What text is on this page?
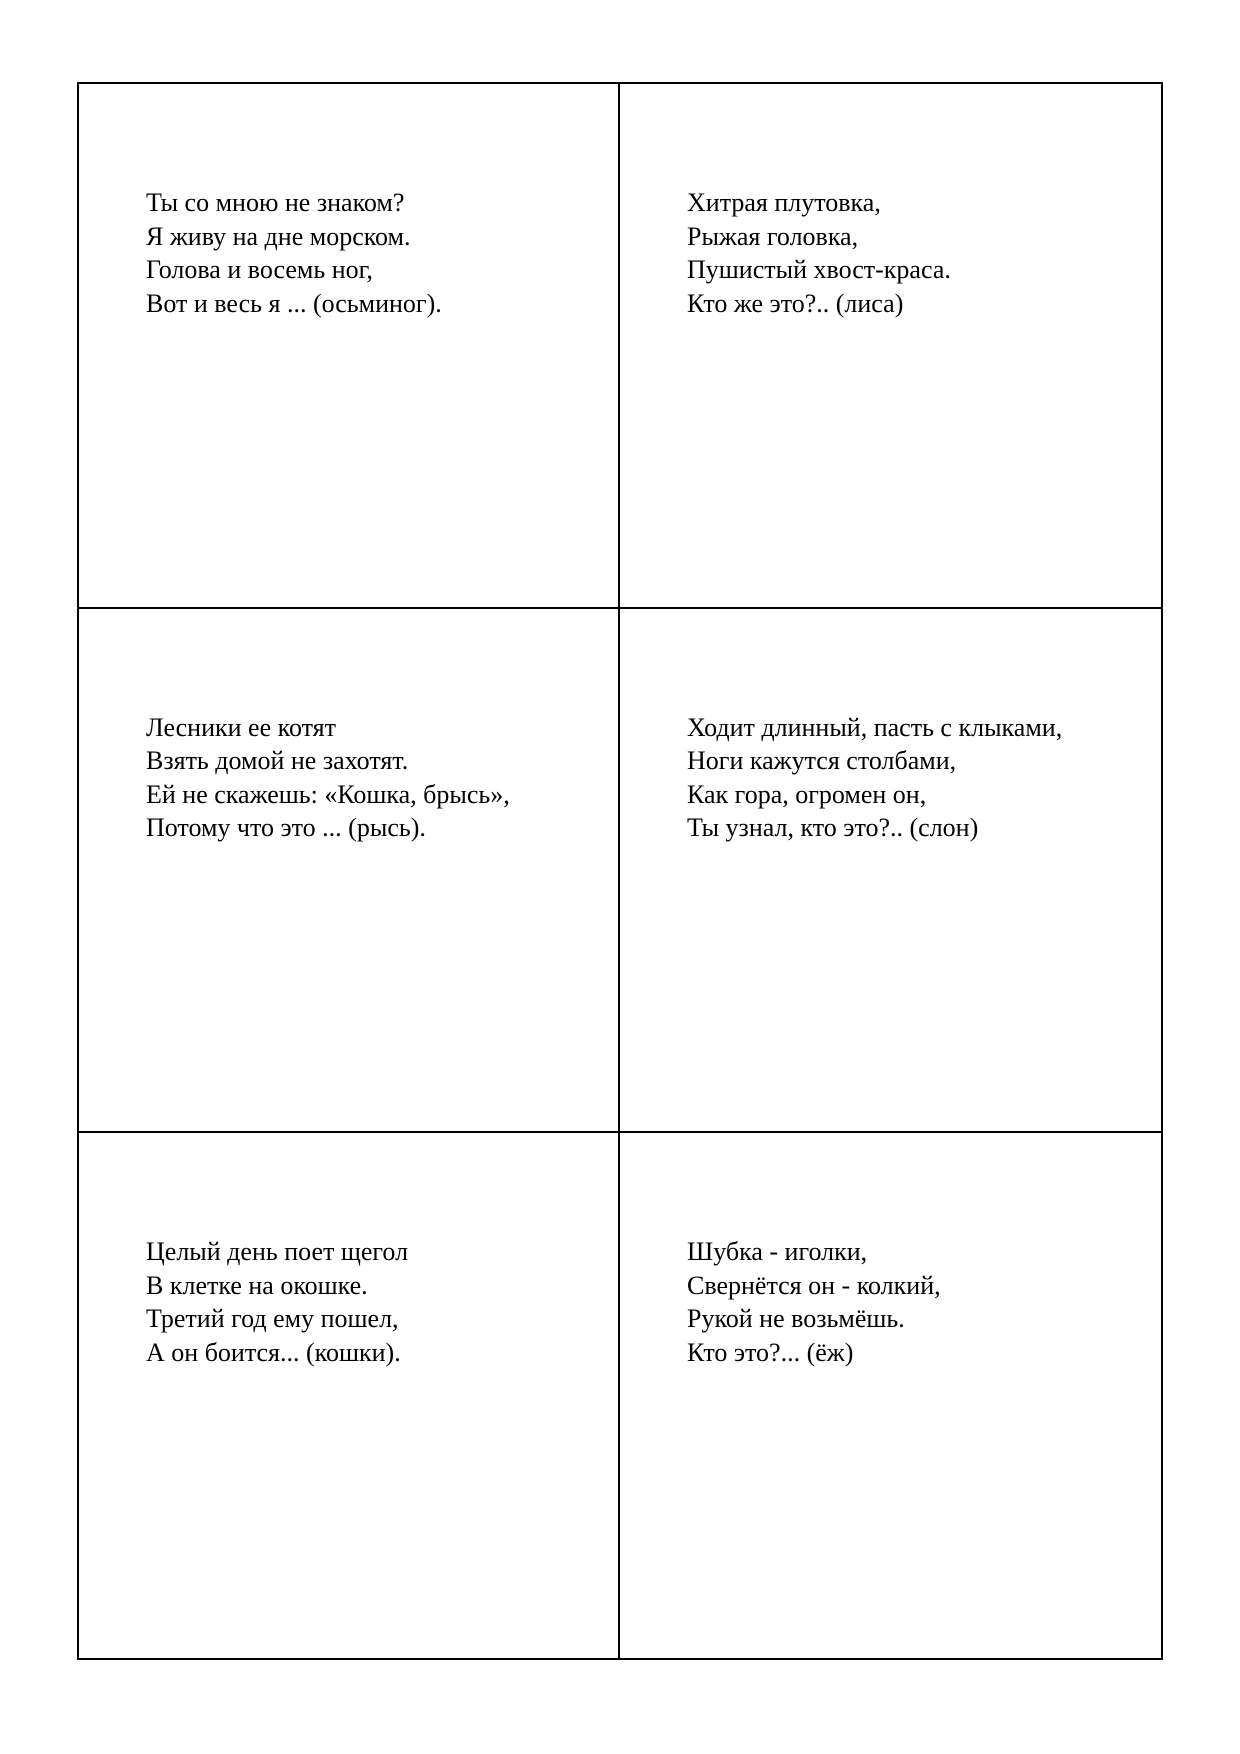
Ты со мною не знаком?
Я живу на дне морском.
Голова и восемь ног,
Вот и весь я ... (осьминог).
Хитрая плутовка,
Рыжая головка,
Пушистый хвост-краса.
Кто же это?.. (лиса)
Лесники ее котят
Взять домой не захотят.
Ей не скажешь: «Кошка, брысь»,
Потому что это ... (рысь).
Ходит длинный, пасть с клыками,
Ноги кажутся столбами,
Как гора, огромен он,
Ты узнал, кто это?.. (слон)
Целый день поет щегол
В клетке на окошке.
Третий год ему пошел,
А он боится... (кошки).
Шубка - иголки,
Свернётся он - колкий,
Рукой не возьмёшь.
Кто это?... (ёж)
